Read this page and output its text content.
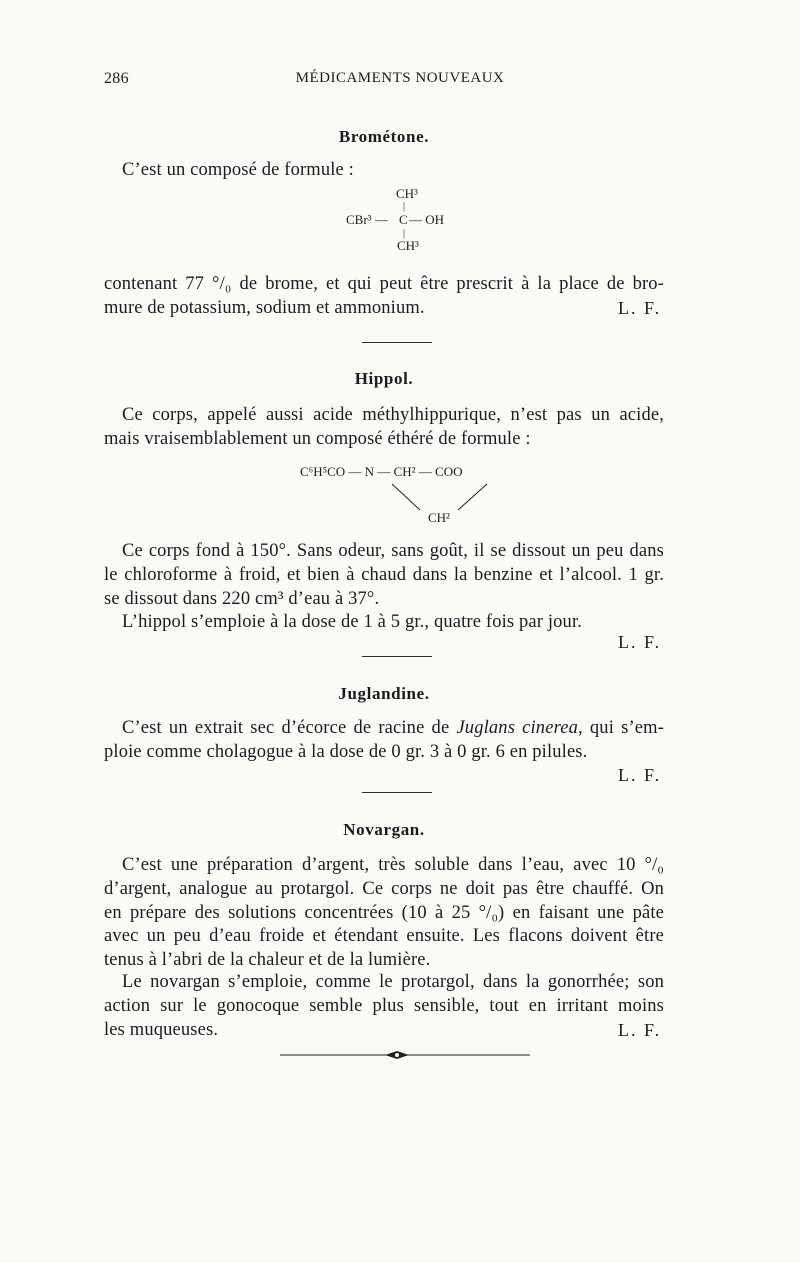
286	MÉDICAMENTS NOUVEAUX
Brométone.
C’est un composé de formule :
CH³
|
CBr³ — C — OH
|
CH³
contenant 77 °/₀ de brome, et qui peut être prescrit à la place de bro-
mure de potassium, sodium et ammonium.	L. F.
Hippol.
Ce corps, appelé aussi acide méthylhippurique, n’est pas un acide,
mais vraisemblablement un composé éthéré de formule :
C⁶H⁵CO — N — CH² — COO
CH²
Ce corps fond à 150°. Sans odeur, sans goût, il se dissout un peu dans
le chloroforme à froid, et bien à chaud dans la benzine et l’alcool. 1 gr.
se dissout dans 220 cm³ d’eau à 37°.
L’hippol s’emploie à la dose de 1 à 5 gr., quatre fois par jour.
L. F.
Juglandine.
C’est un extrait sec d’écorce de racine de Juglans cinerea, qui s’em-
ploie comme cholagogue à la dose de 0 gr. 3 à 0 gr. 6 en pilules.
L. F.
Novargan.
C’est une préparation d’argent, très soluble dans l’eau, avec 10 °/₀
d’argent, analogue au protargol. Ce corps ne doit pas être chauffé. On
en prépare des solutions concentrées (10 à 25 °/₀) en faisant une pâte
avec un peu d’eau froide et étendant ensuite. Les flacons doivent être
tenus à l’abri de la chaleur et de la lumière.
Le novargan s’emploie, comme le protargol, dans la gonorrhée; son
action sur le gonocoque semble plus sensible, tout en irritant moins
les muqueuses.	L. F.
